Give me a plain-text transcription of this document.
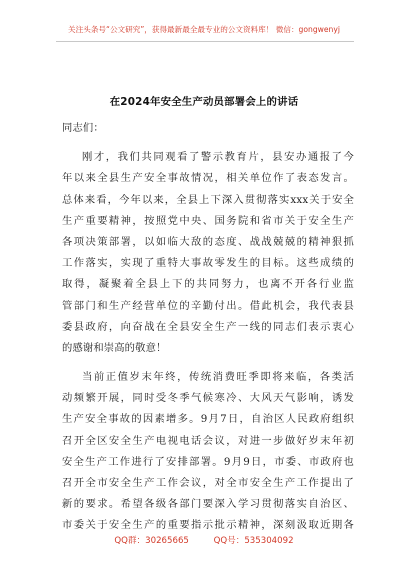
关注头条号“公文研究”，获得最新最全最专业的公文资料库！ 微信：gongwenyj
在2024年安全生产动员部署会上的讲话
同志们：
刚才，我们共同观看了警示教育片，县安办通报了今
年以来全县生产安全事故情况，相关单位作了表态发言。
总体来看，今年以来，全县上下深入贯彻落实xxx关于安全
生产重要精神，按照党中央、国务院和省市关于安全生产
各项决策部署，以如临大敌的态度、战战兢兢的精神狠抓
工作落实，实现了重特大事故零发生的目标。这些成绩的
取得，凝聚着全县上下的共同努力，也离不开各行业监
管部门和生产经营单位的辛勤付出。借此机会，我代表县
委县政府，向奋战在全县安全生产一线的同志们表示衷心
的感谢和崇高的敬意！
当前正值岁末年终，传统消费旺季即将来临，各类活
动频繁开展，同时受冬季气候寒冷、大风天气影响，诱发
生产安全事故的因素增多。9月7日，自治区人民政府组织
召开全区安全生产电视电话会议，对进一步做好岁末年初
安全生产工作进行了安排部署。9月9日，市委、市政府也
召开全市安全生产工作会议，对全市安全生产工作提出了
新的要求。希望各级各部门要深入学习贯彻落实自治区、
市委关于安全生产的重要指示批示精神，深刻汲取近期各
QQ群：30265665	QQ号：535304092
